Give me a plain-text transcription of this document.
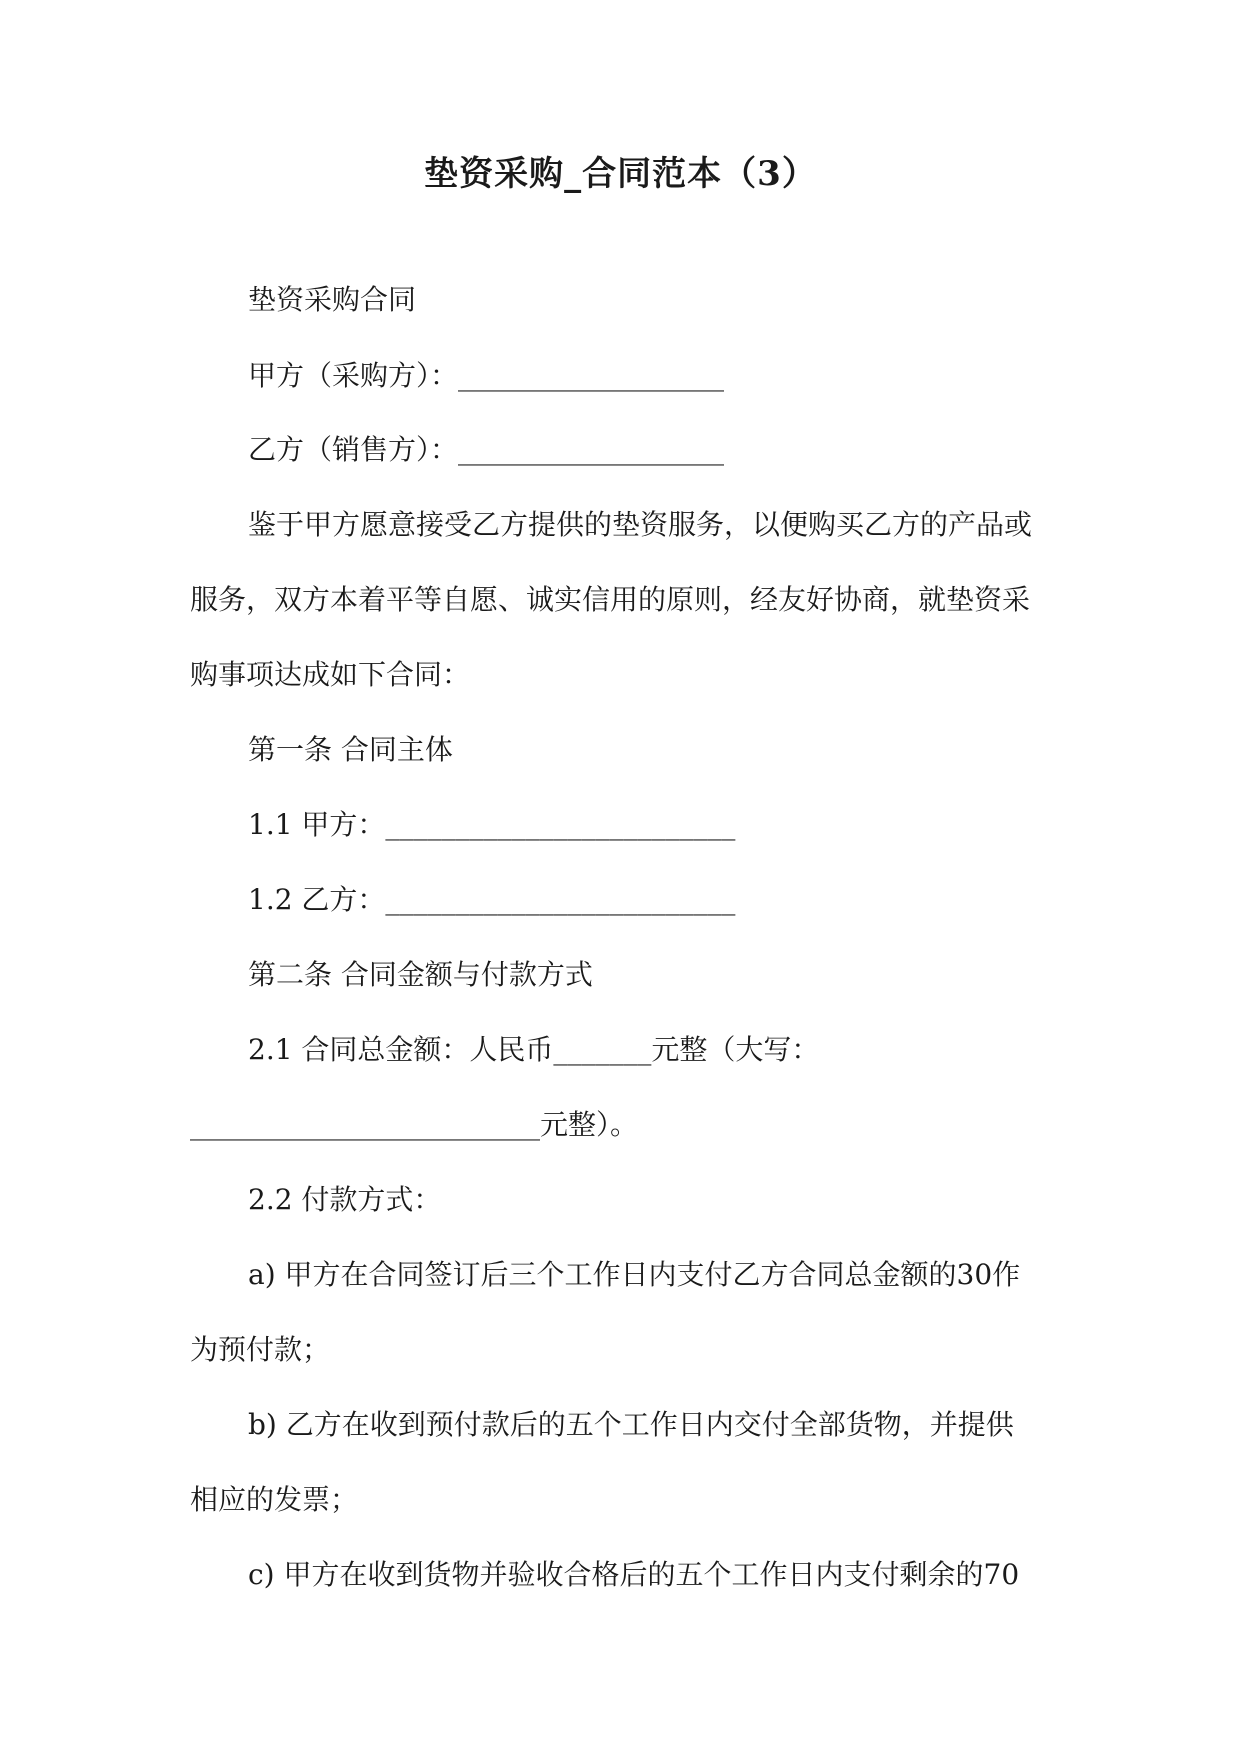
垫资采购_合同范本（3）
垫资采购合同
甲方（采购方）：___________________
乙方（销售方）：___________________
鉴于甲方愿意接受乙方提供的垫资服务，以便购买乙方的产品或
服务，双方本着平等自愿、诚实信用的原则，经友好协商，就垫资采
购事项达成如下合同：
第一条 合同主体
1.1 甲方：_________________________
1.2 乙方：_________________________
第二条 合同金额与付款方式
2.1 合同总金额：人民币_______元整（大写：
_________________________元整）。
2.2 付款方式：
a) 甲方在合同签订后三个工作日内支付乙方合同总金额的30作
为预付款；
b) 乙方在收到预付款后的五个工作日内交付全部货物，并提供
相应的发票；
c) 甲方在收到货物并验收合格后的五个工作日内支付剩余的70
